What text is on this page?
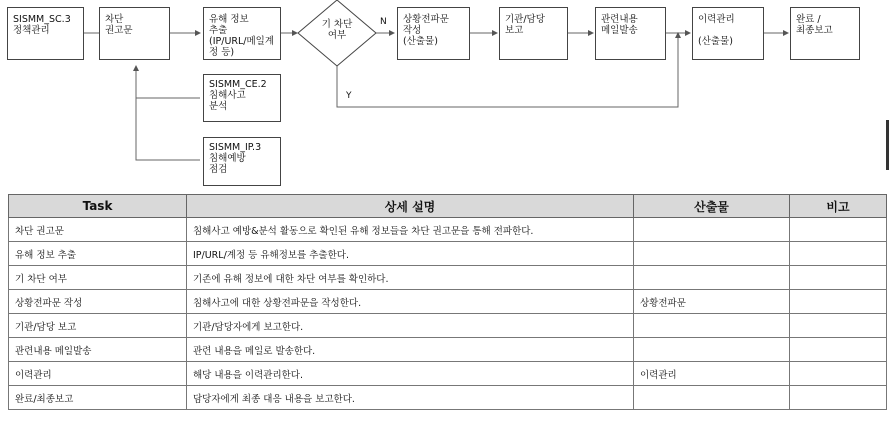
SISMM_SC.3
정책관리
차단
권고문
유해 정보
추출
(IP/URL/메일계정 등)
기 차단
여부
상황전파문
작성
(산출물)
기관/담당
보고
관련내용
메일발송
이력관리

(산출물)
완료 /
최종보고
SISMM_CE.2
침해사고
분석
SISMM_IP.3
침해예방
점검
N
Y
Task	상세 설명	산출물	비고
차단 권고문	침해사고 예방&분석 활동으로 확인된 유해 정보들을 차단 권고문을 통해 전파한다.		
유해 정보 추출	IP/URL/계정 등 유해정보를 추출한다.		
기 차단 여부	기존에 유해 정보에 대한 차단 여부를 확인하다.		
상황전파문 작성	침해사고에 대한 상황전파문을 작성한다.	상황전파문	
기관/담당 보고	기관/담당자에게 보고한다.		
관련내용 메일발송	관련 내용을 메일로 발송한다.		
이력관리	해당 내용을 이력관리한다.	이력관리	
완료/최종보고	담당자에게 최종 대응 내용을 보고한다.		
